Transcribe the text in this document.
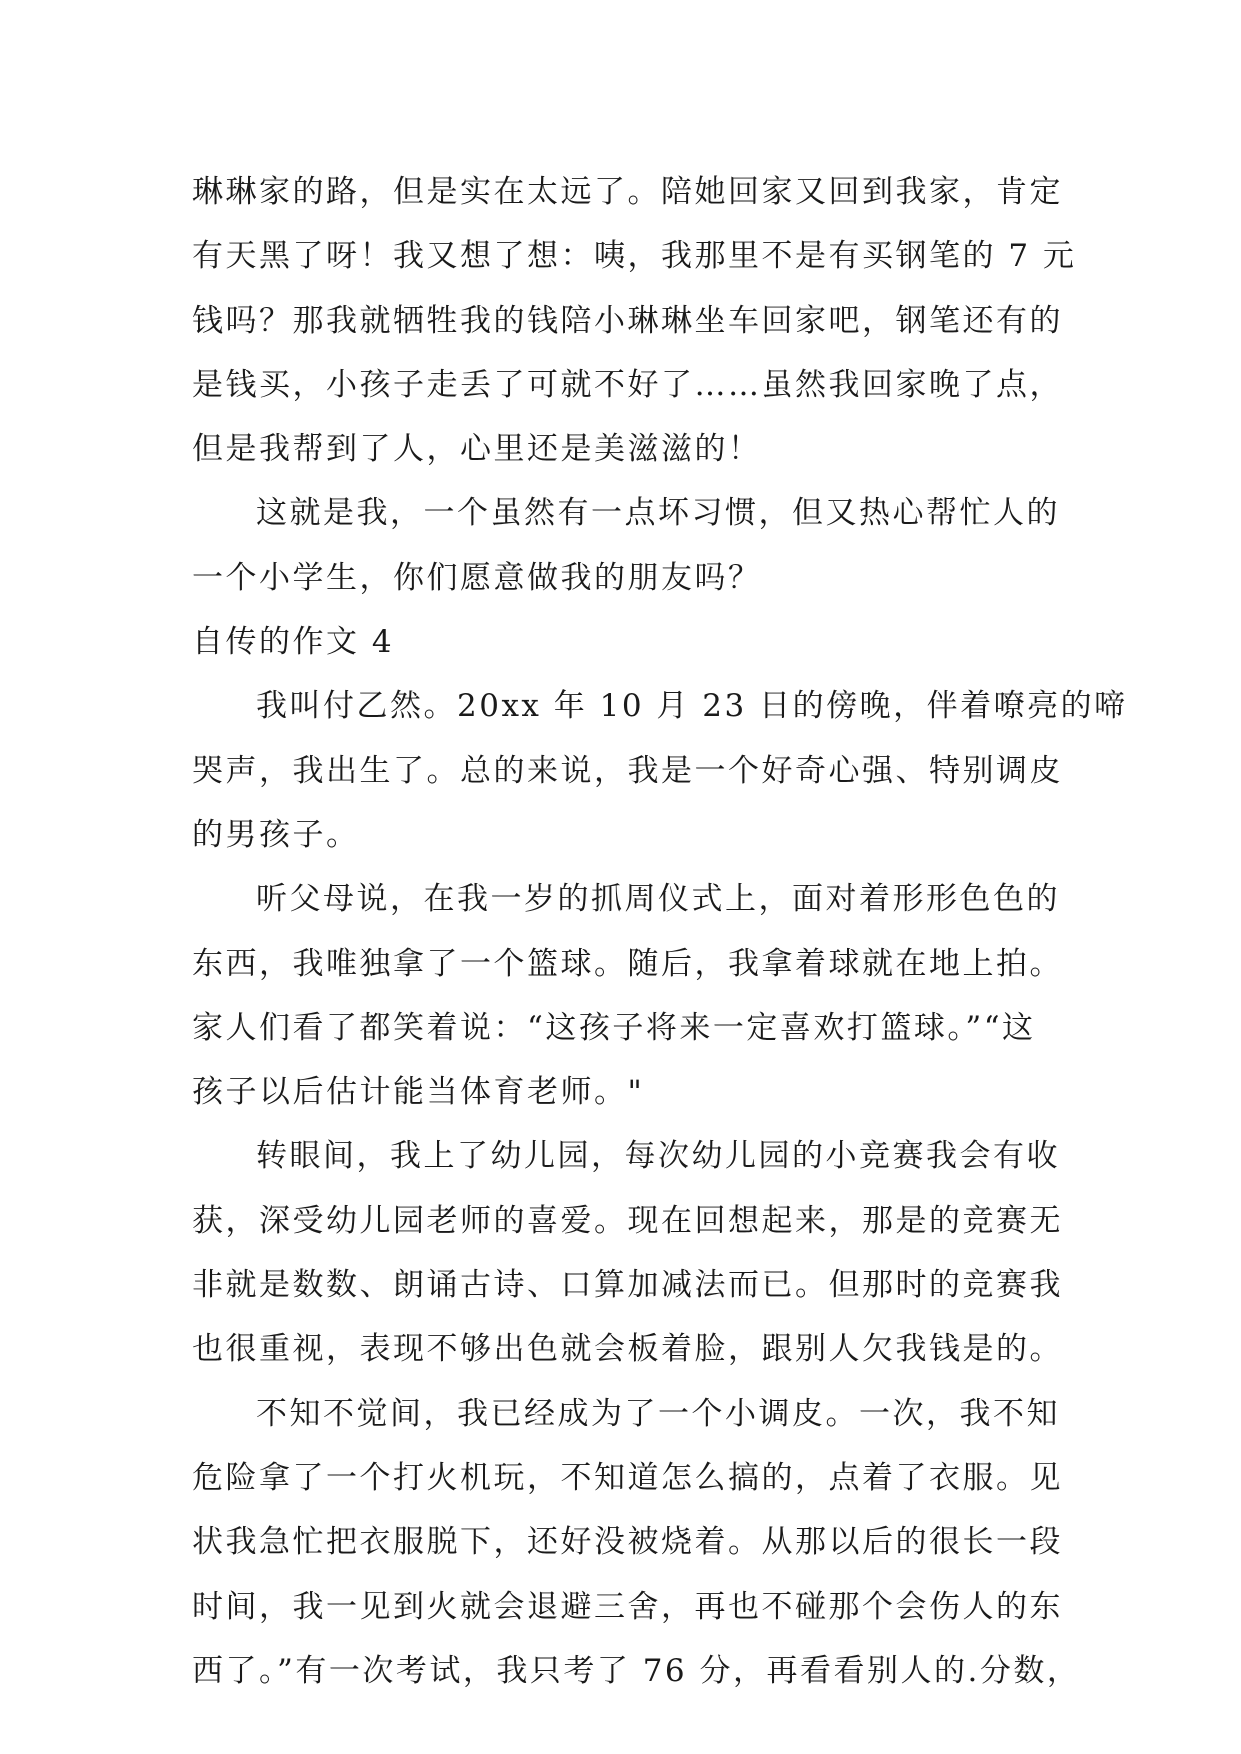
琳琳家的路，但是实在太远了。陪她回家又回到我家，肯定
有天黑了呀！我又想了想：咦，我那里不是有买钢笔的 7 元
钱吗？那我就牺牲我的钱陪小琳琳坐车回家吧，钢笔还有的
是钱买，小孩子走丢了可就不好了……虽然我回家晚了点，
但是我帮到了人，心里还是美滋滋的！
这就是我，一个虽然有一点坏习惯，但又热心帮忙人的
一个小学生，你们愿意做我的朋友吗？
自传的作文 4
我叫付乙然。20xx 年 10 月 23 日的傍晚，伴着嘹亮的啼
哭声，我出生了。总的来说，我是一个好奇心强、特别调皮
的男孩子。
听父母说，在我一岁的抓周仪式上，面对着形形色色的
东西，我唯独拿了一个篮球。随后，我拿着球就在地上拍。
家人们看了都笑着说：“这孩子将来一定喜欢打篮球。”“这
孩子以后估计能当体育老师。"
转眼间，我上了幼儿园，每次幼儿园的小竞赛我会有收
获，深受幼儿园老师的喜爱。现在回想起来，那是的竞赛无
非就是数数、朗诵古诗、口算加减法而已。但那时的竞赛我
也很重视，表现不够出色就会板着脸，跟别人欠我钱是的。
不知不觉间，我已经成为了一个小调皮。一次，我不知
危险拿了一个打火机玩，不知道怎么搞的，点着了衣服。见
状我急忙把衣服脱下，还好没被烧着。从那以后的很长一段
时间，我一见到火就会退避三舍，再也不碰那个会伤人的东
西了。”有一次考试，我只考了 76 分，再看看别人的.分数，
